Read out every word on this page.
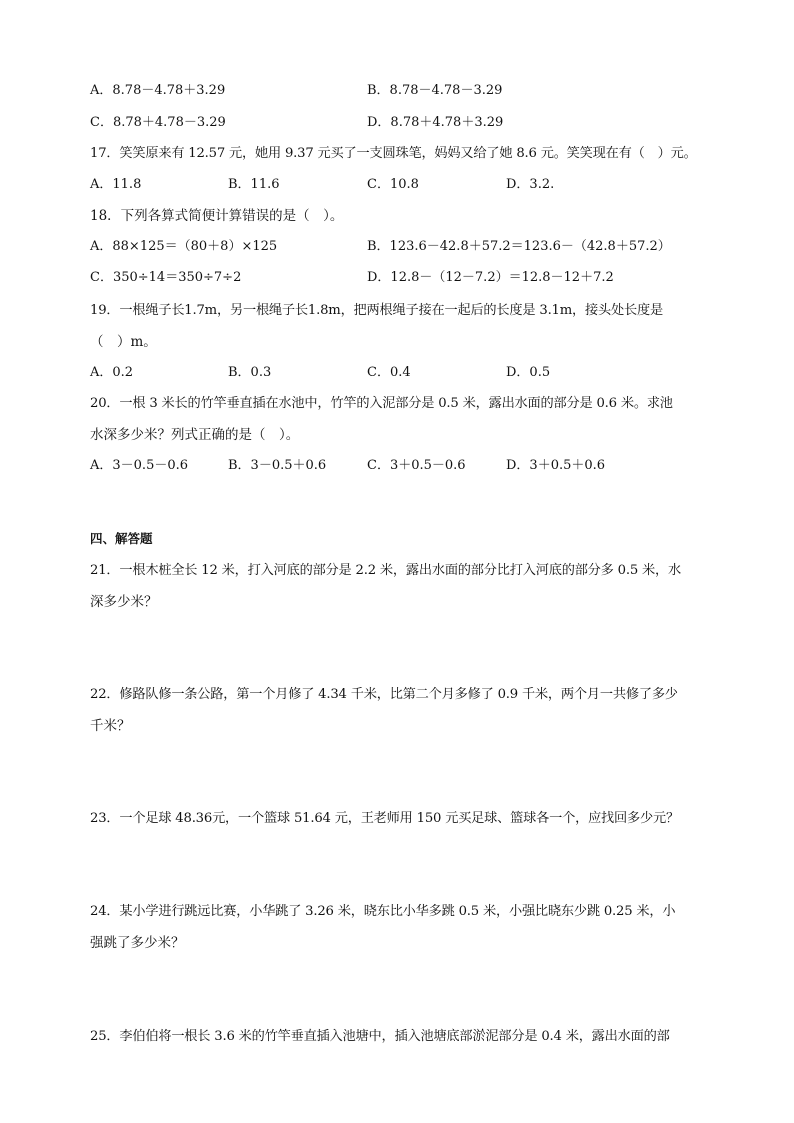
A．8.78－4.78＋3.29	B．8.78－4.78－3.29
C．8.78＋4.78－3.29	D．8.78＋4.78＋3.29
17．笑笑原来有 12.57 元，她用 9.37 元买了一支圆珠笔，妈妈又给了她 8.6 元。笑笑现在有（　）元。
A．11.8	B．11.6	C．10.8	D．3.2.
18．下列各算式简便计算错误的是（　）。
A．88×125＝（80＋8）×125	B．123.6－42.8＋57.2＝123.6－（42.8＋57.2）
C．350÷14＝350÷7÷2	D．12.8－（12－7.2）＝12.8－12＋7.2
19．一根绳子长1.7m，另一根绳子长1.8m，把两根绳子接在一起后的长度是 3.1m，接头处长度是
（　）m。
A．0.2	B．0.3	C．0.4	D．0.5
20．一根 3 米长的竹竿垂直插在水池中，竹竿的入泥部分是 0.5 米，露出水面的部分是 0.6 米。求池
水深多少米？列式正确的是（　）。
A．3－0.5－0.6	B．3－0.5＋0.6	C．3＋0.5－0.6	D．3＋0.5＋0.6
四、解答题
21．一根木桩全长 12 米，打入河底的部分是 2.2 米，露出水面的部分比打入河底的部分多 0.5 米，水
深多少米？
22．修路队修一条公路，第一个月修了 4.34 千米，比第二个月多修了 0.9 千米，两个月一共修了多少
千米？
23．一个足球 48.36元，一个篮球 51.64 元，王老师用 150 元买足球、篮球各一个，应找回多少元？
24．某小学进行跳远比赛，小华跳了 3.26 米，晓东比小华多跳 0.5 米，小强比晓东少跳 0.25 米，小
强跳了多少米？
25．李伯伯将一根长 3.6 米的竹竿垂直插入池塘中，插入池塘底部淤泥部分是 0.4 米，露出水面的部
